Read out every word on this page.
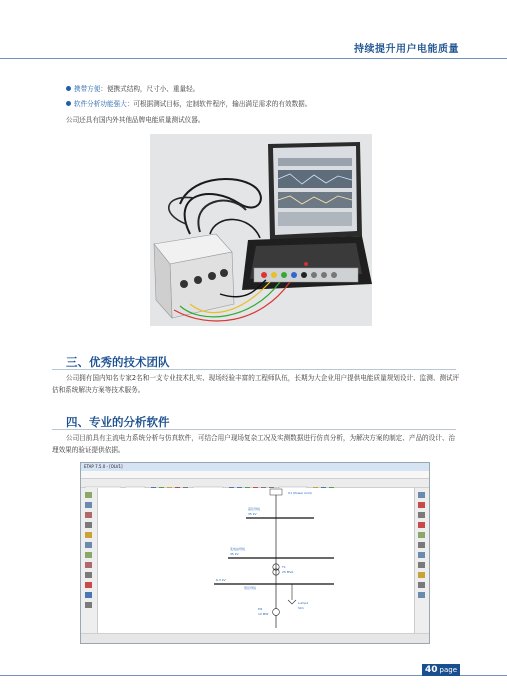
持续提升用户电能质量
携带方便：便携式结构，尺寸小、重量轻。
软件分析功能强大：可根据测试目标，定制软件程序，输出满足需求的有效数据。
公司还具有国内外其他品牌电能质量测试仪器。
三、优秀的技术团队
公司拥有国内知名专家2名和一支专业技术扎实、现场经验丰富的工程师队伍，长期为大企业用户提供电能质量规划设计、监测、测试评估和系统解决方案等技术服务。
四、专业的分析软件
公司目前具有主流电力系统分析与仿真软件，可结合用户现场复杂工况及实测数据进行仿真分析，为解决方案的制定、产品的设计、治理效果的验证提供依据。
ETAP 7.5.0 - [OLV1]
U1 (Power Grid)
高压母线
35 kV
变电站母线
35 kV
T1
25 MVA
6.3 kV
低压母线
Lump1
SC1
M1
10 MW
40 page
